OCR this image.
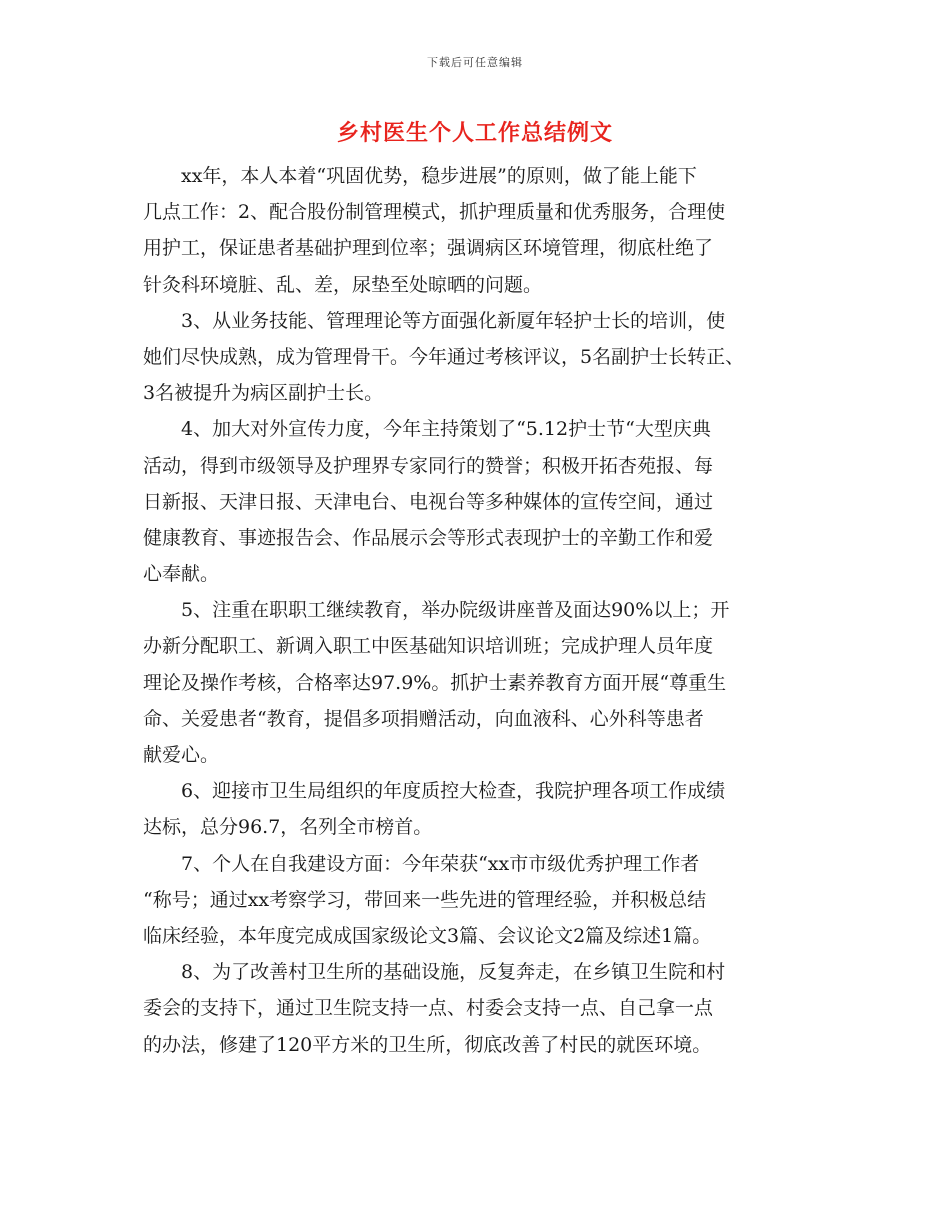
下载后可任意编辑
乡村医生个人工作总结例文
xx年，本人本着“巩固优势，稳步进展”的原则，做了能上能下
几点工作：2、配合股份制管理模式，抓护理质量和优秀服务，合理使
用护工，保证患者基础护理到位率；强调病区环境管理，彻底杜绝了
针灸科环境脏、乱、差，尿垫至处晾晒的问题。
3、从业务技能、管理理论等方面强化新厦年轻护士长的培训，使
她们尽快成熟，成为管理骨干。今年通过考核评议，5名副护士长转正、
3名被提升为病区副护士长。
4、加大对外宣传力度，今年主持策划了“5.12护士节“大型庆典
活动，得到市级领导及护理界专家同行的赞誉；积极开拓杏苑报、每
日新报、天津日报、天津电台、电视台等多种媒体的宣传空间，通过
健康教育、事迹报告会、作品展示会等形式表现护士的辛勤工作和爱
心奉献。
5、注重在职职工继续教育，举办院级讲座普及面达90%以上；开
办新分配职工、新调入职工中医基础知识培训班；完成护理人员年度
理论及操作考核，合格率达97.9%。抓护士素养教育方面开展“尊重生
命、关爱患者“教育，提倡多项捐赠活动，向血液科、心外科等患者
献爱心。
6、迎接市卫生局组织的年度质控大检查，我院护理各项工作成绩
达标，总分96.7，名列全市榜首。
7、个人在自我建设方面：今年荣获“xx市市级优秀护理工作者
“称号；通过xx考察学习，带回来一些先进的管理经验，并积极总结
临床经验，本年度完成成国家级论文3篇、会议论文2篇及综述1篇。
8、为了改善村卫生所的基础设施，反复奔走，在乡镇卫生院和村
委会的支持下，通过卫生院支持一点、村委会支持一点、自己拿一点
的办法，修建了120平方米的卫生所，彻底改善了村民的就医环境。
